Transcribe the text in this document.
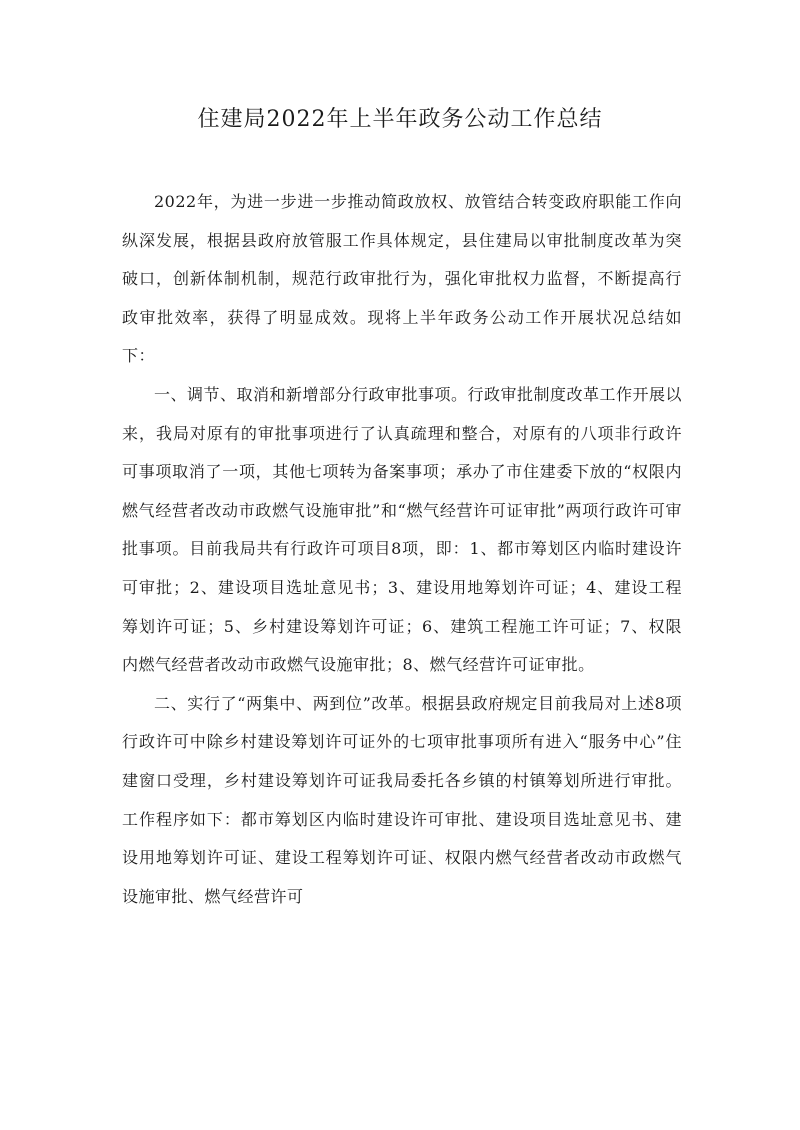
住建局2022年上半年政务公动工作总结

2022年，为进一步进一步推动简政放权、放管结合转变政府职能工作向纵深发展，根据县政府放管服工作具体规定，县住建局以审批制度改革为突破口，创新体制机制，规范行政审批行为，强化审批权力监督，不断提高行政审批效率，获得了明显成效。现将上半年政务公动工作开展状况总结如下：

一、调节、取消和新增部分行政审批事项。行政审批制度改革工作开展以来，我局对原有的审批事项进行了认真疏理和整合，对原有的八项非行政许可事项取消了一项，其他七项转为备案事项；承办了市住建委下放的“权限内燃气经营者改动市政燃气设施审批”和“燃气经营许可证审批”两项行政许可审批事项。目前我局共有行政许可项目8项，即：1、都市筹划区内临时建设许可审批；2、建设项目选址意见书；3、建设用地筹划许可证；4、建设工程筹划许可证；5、乡村建设筹划许可证；6、建筑工程施工许可证；7、权限内燃气经营者改动市政燃气设施审批；8、燃气经营许可证审批。

二、实行了“两集中、两到位”改革。根据县政府规定目前我局对上述8项行政许可中除乡村建设筹划许可证外的七项审批事项所有进入“服务中心”住建窗口受理，乡村建设筹划许可证我局委托各乡镇的村镇筹划所进行审批。工作程序如下：都市筹划区内临时建设许可审批、建设项目选址意见书、建设用地筹划许可证、建设工程筹划许可证、权限内燃气经营者改动市政燃气设施审批、燃气经营许可
